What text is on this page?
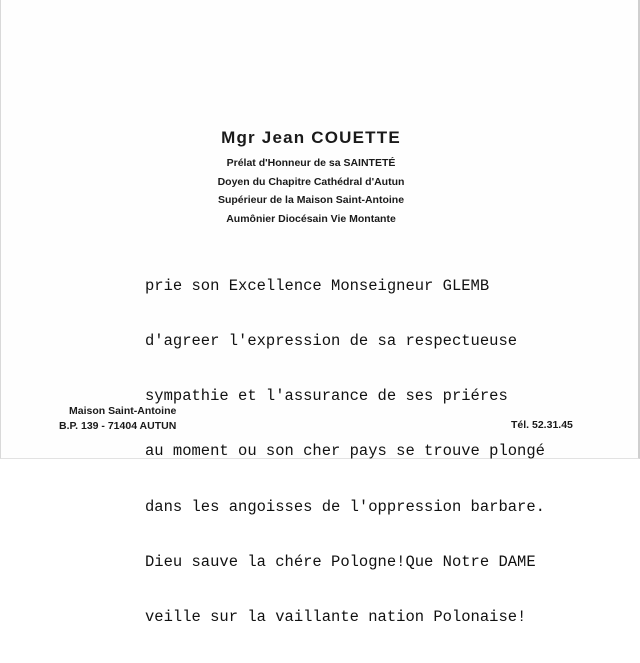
Mgr Jean COUETTE
Prélat d'Honneur de sa SAINTETÉ
Doyen du Chapitre Cathédral d'Autun
Supérieur de la Maison Saint-Antoine
Aumônier Diocésain Vie Montante

prie son Excellence Monseigneur GLEMB

d'agreer l'expression de sa respectueuse

sympathie et l'assurance de ses priéres

au moment ou son cher pays se trouve plongé

dans les angoisses de l'oppression barbare.

Dieu sauve la chére Pologne!Que Notre DAME

veille sur la vaillante nation Polonaise!

Maison Saint-Antoine
B.P. 139 - 71404 AUTUN	Tél. 52.31.45
